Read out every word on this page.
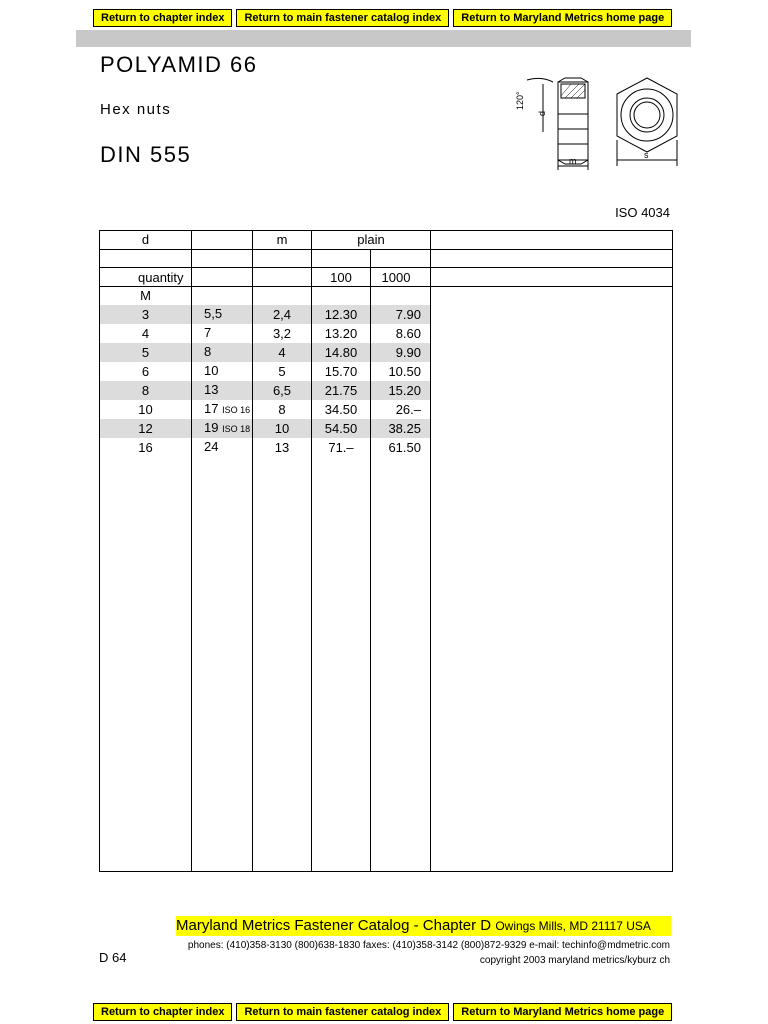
Return to chapter index	Return to main fastener catalog index	Return to Maryland Metrics home page
POLYAMID 66
Hex nuts
DIN 555
ISO 4034
120°
d
m
s
d		m	plain		

quantity			100	1000	
M					
3	5,5	2,4	12.30	7.90	
4	7	3,2	13.20	8.60	
5	8	4	14.80	9.90	
6	10	5	15.70	10.50	
8	13	6,5	21.75	15.20	
10	17 ISO 16	8	34.50	26.–	
12	19 ISO 18	10	54.50	38.25	
16	24	13	71.–	61.50	

Maryland Metrics Fastener Catalog - Chapter D Owings Mills, MD 21117 USA
phones: (410)358-3130 (800)638-1830 faxes: (410)358-3142 (800)872-9329 e-mail: techinfo@mdmetric.com
copyright 2003 maryland metrics/kyburz ch
D 64
Return to chapter index	Return to main fastener catalog index	Return to Maryland Metrics home page
